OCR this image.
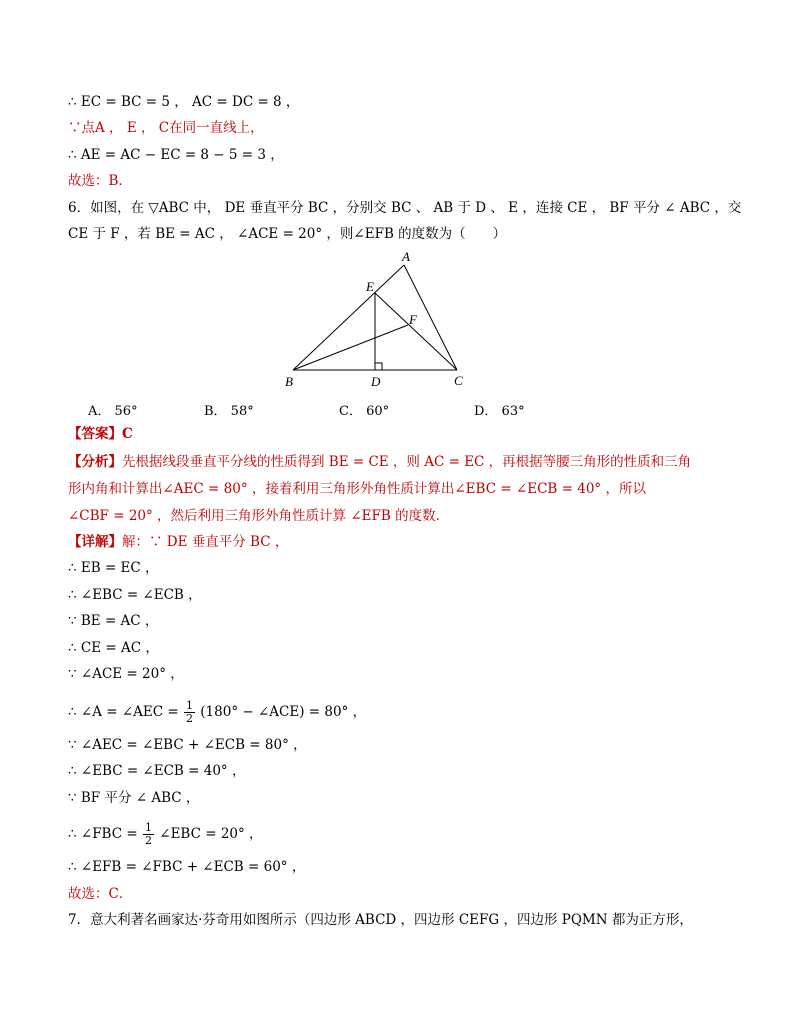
∴ EC = BC = 5 ， AC = DC = 8 ，
∵点A ， E ， C在同一直线上，
∴ AE = AC − EC = 8 − 5 = 3 ，
故选：B．
6．如图，在 ▽ABC 中， DE 垂直平分 BC ，分别交 BC 、 AB 于 D 、 E ，连接 CE ， BF 平分 ∠ ABC ，交
CE 于 F ，若 BE = AC ， ∠ACE = 20° ，则∠EFB 的度数为（　　）
A
E
F
B	D	C
A． 56°	B． 58°	C． 60°	D． 63°
【答案】C
【分析】先根据线段垂直平分线的性质得到 BE = CE ，则 AC = EC ，再根据等腰三角形的性质和三角
形内角和计算出∠AEC = 80° ，接着利用三角形外角性质计算出∠EBC = ∠ECB = 40° ，所以
∠CBF = 20° ，然后利用三角形外角性质计算 ∠EFB 的度数．
【详解】解：∵ DE 垂直平分 BC ，
∴ EB = EC ，
∴ ∠EBC = ∠ECB ，
∵ BE = AC ，
∴ CE = AC ，
∵ ∠ACE = 20° ，
∴ ∠A = ∠AEC = $\frac{1}{2} (180^\circ$ − ∠ACE) = 80° ，
∵ ∠AEC = ∠EBC + ∠ECB = 80° ，
∴ ∠EBC = ∠ECB = 40° ，
∵ BF 平分 ∠ ABC ，
∴ ∠FBC = $\frac{1}{2}$ ∠EBC = 20° ，
∴ ∠EFB = ∠FBC + ∠ECB = 60° ，
故选：C．
7．意大利著名画家达·芬奇用如图所示（四边形 ABCD ，四边形 CEFG ，四边形 PQMN 都为正方形，
